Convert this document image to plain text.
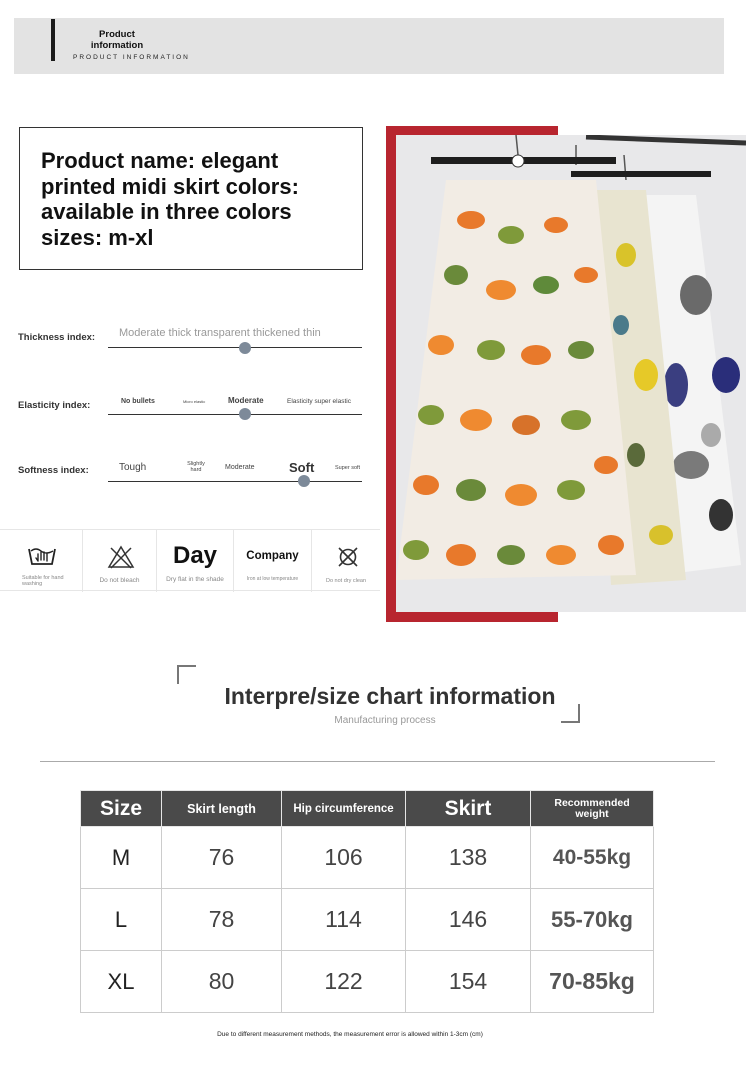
Product information
PRODUCT INFORMATION

Product name: elegant

printed midi skirt colors:

available in three colors

sizes: m-xl

Thickness index: Moderate thick transparent thickened thin
Elasticity index:	No bullets	Micro elastic	Moderate	Elasticity super elastic
Softness index:	Tough	Slightly hard	Moderate	Soft	Super soft
Suitable for hand washing	Do not bleach
Day
Dry flat in the shade
Company
Iron at low temperature	Do not dry clean
Interpre/size chart information
Manufacturing process
Size	Skirt length	Hip circumference	Skirt	Recommended weight
M	76	106	138	40-55kg
L	78	114	146	55-70kg
XL	80	122	154	70-85kg
Due to different measurement methods, the measurement error is allowed within 1-3cm (cm)
